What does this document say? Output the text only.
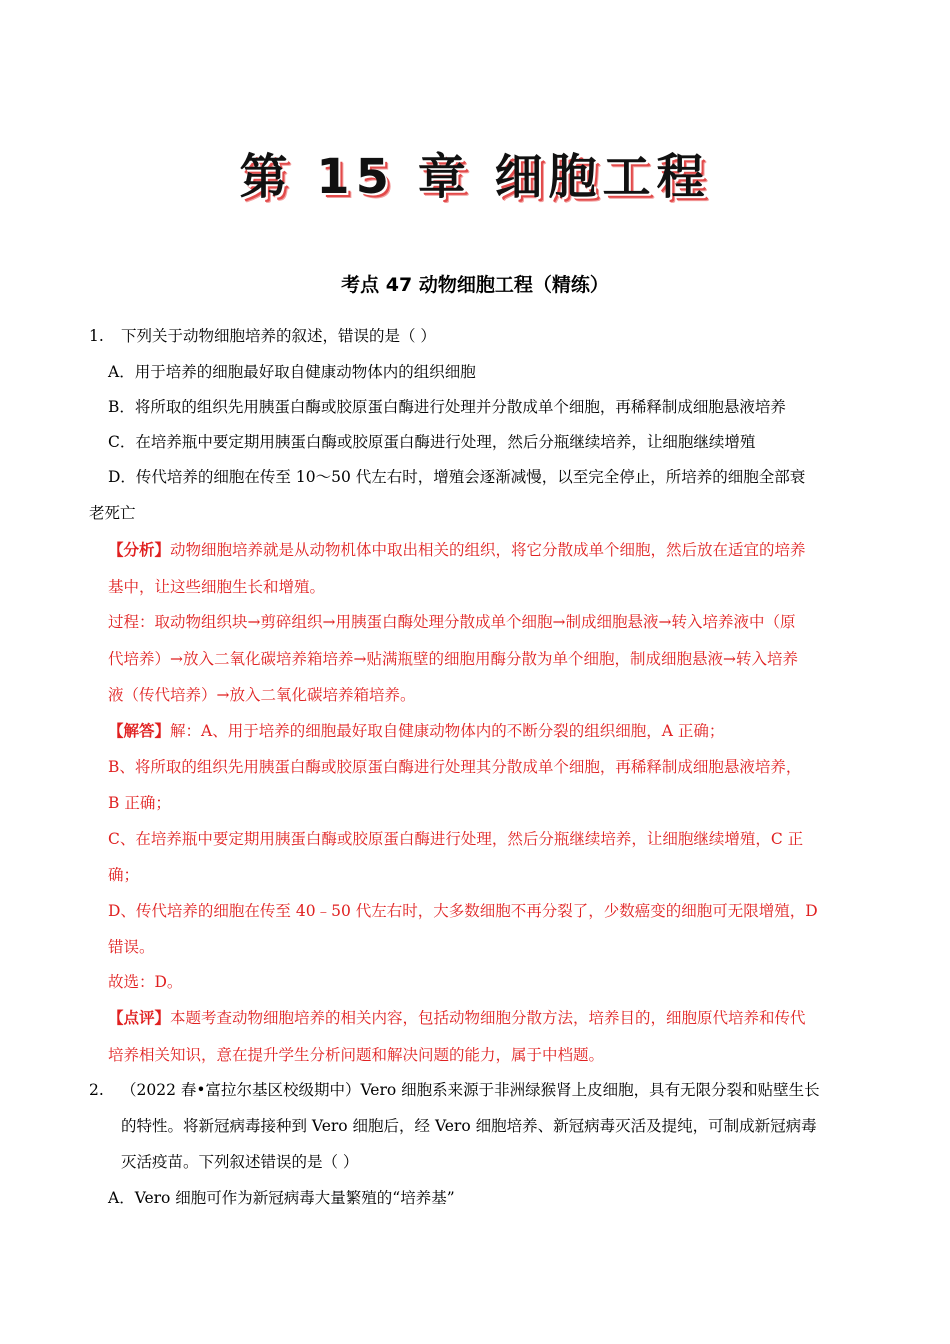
第 15 章 细胞工程
考点 47 动物细胞工程（精练）
1. 下列关于动物细胞培养的叙述，错误的是（ ）
A．用于培养的细胞最好取自健康动物体内的组织细胞
B．将所取的组织先用胰蛋白酶或胶原蛋白酶进行处理并分散成单个细胞，再稀释制成细胞悬液培养
C．在培养瓶中要定期用胰蛋白酶或胶原蛋白酶进行处理，然后分瓶继续培养，让细胞继续增殖
D．传代培养的细胞在传至 10～50 代左右时，增殖会逐渐减慢，以至完全停止，所培养的细胞全部衰
老死亡
【分析】动物细胞培养就是从动物机体中取出相关的组织，将它分散成单个细胞，然后放在适宜的培养
基中，让这些细胞生长和增殖。
过程：取动物组织块→剪碎组织→用胰蛋白酶处理分散成单个细胞→制成细胞悬液→转入培养液中（原
代培养）→放入二氧化碳培养箱培养→贴满瓶壁的细胞用酶分散为单个细胞，制成细胞悬液→转入培养
液（传代培养）→放入二氧化碳培养箱培养。
【解答】解：A、用于培养的细胞最好取自健康动物体内的不断分裂的组织细胞，A 正确；
B、将所取的组织先用胰蛋白酶或胶原蛋白酶进行处理其分散成单个细胞，再稀释制成细胞悬液培养，
B 正确；
C、在培养瓶中要定期用胰蛋白酶或胶原蛋白酶进行处理，然后分瓶继续培养，让细胞继续增殖，C 正
确；
D、传代培养的细胞在传至 40﹣50 代左右时，大多数细胞不再分裂了，少数癌变的细胞可无限增殖，D
错误。
故选：D。
【点评】本题考查动物细胞培养的相关内容，包括动物细胞分散方法，培养目的，细胞原代培养和传代
培养相关知识，意在提升学生分析问题和解决问题的能力，属于中档题。
2. （2022 春•富拉尔基区校级期中）Vero 细胞系来源于非洲绿猴肾上皮细胞，具有无限分裂和贴壁生长
的特性。将新冠病毒接种到 Vero 细胞后，经 Vero 细胞培养、新冠病毒灭活及提纯，可制成新冠病毒
灭活疫苗。下列叙述错误的是（ ）
A．Vero 细胞可作为新冠病毒大量繁殖的“培养基”
